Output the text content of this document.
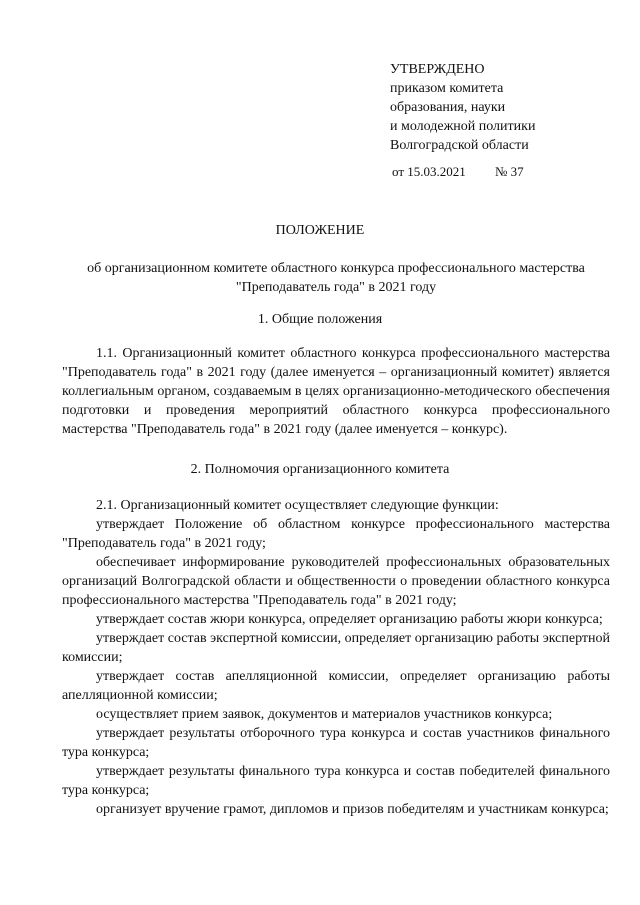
УТВЕРЖДЕНО
приказом комитета
образования, науки
и молодежной политики
Волгоградской области
от 15.03.2021 № 37
ПОЛОЖЕНИЕ
об организационном комитете областного конкурса профессионального мастерства "Преподаватель года" в 2021 году
1. Общие положения
1.1. Организационный комитет областного конкурса профессионального мастерства "Преподаватель года" в 2021 году (далее именуется – организационный комитет) является коллегиальным органом, создаваемым в целях организационно-методического обеспечения подготовки и проведения мероприятий областного конкурса профессионального мастерства "Преподаватель года" в 2021 году (далее именуется – конкурс).
2. Полномочия организационного комитета
2.1. Организационный комитет осуществляет следующие функции:
утверждает Положение об областном конкурсе профессионального мастерства "Преподаватель года" в 2021 году;
обеспечивает информирование руководителей профессиональных образовательных организаций Волгоградской области и общественности о проведении областного конкурса профессионального мастерства "Преподаватель года" в 2021 году;
утверждает состав жюри конкурса, определяет организацию работы жюри конкурса;
утверждает состав экспертной комиссии, определяет организацию работы экспертной комиссии;
утверждает состав апелляционной комиссии, определяет организацию работы апелляционной комиссии;
осуществляет прием заявок, документов и материалов участников конкурса;
утверждает результаты отборочного тура конкурса и состав участников финального тура конкурса;
утверждает результаты финального тура конкурса и состав победителей финального тура конкурса;
организует вручение грамот, дипломов и призов победителям и участникам конкурса;
